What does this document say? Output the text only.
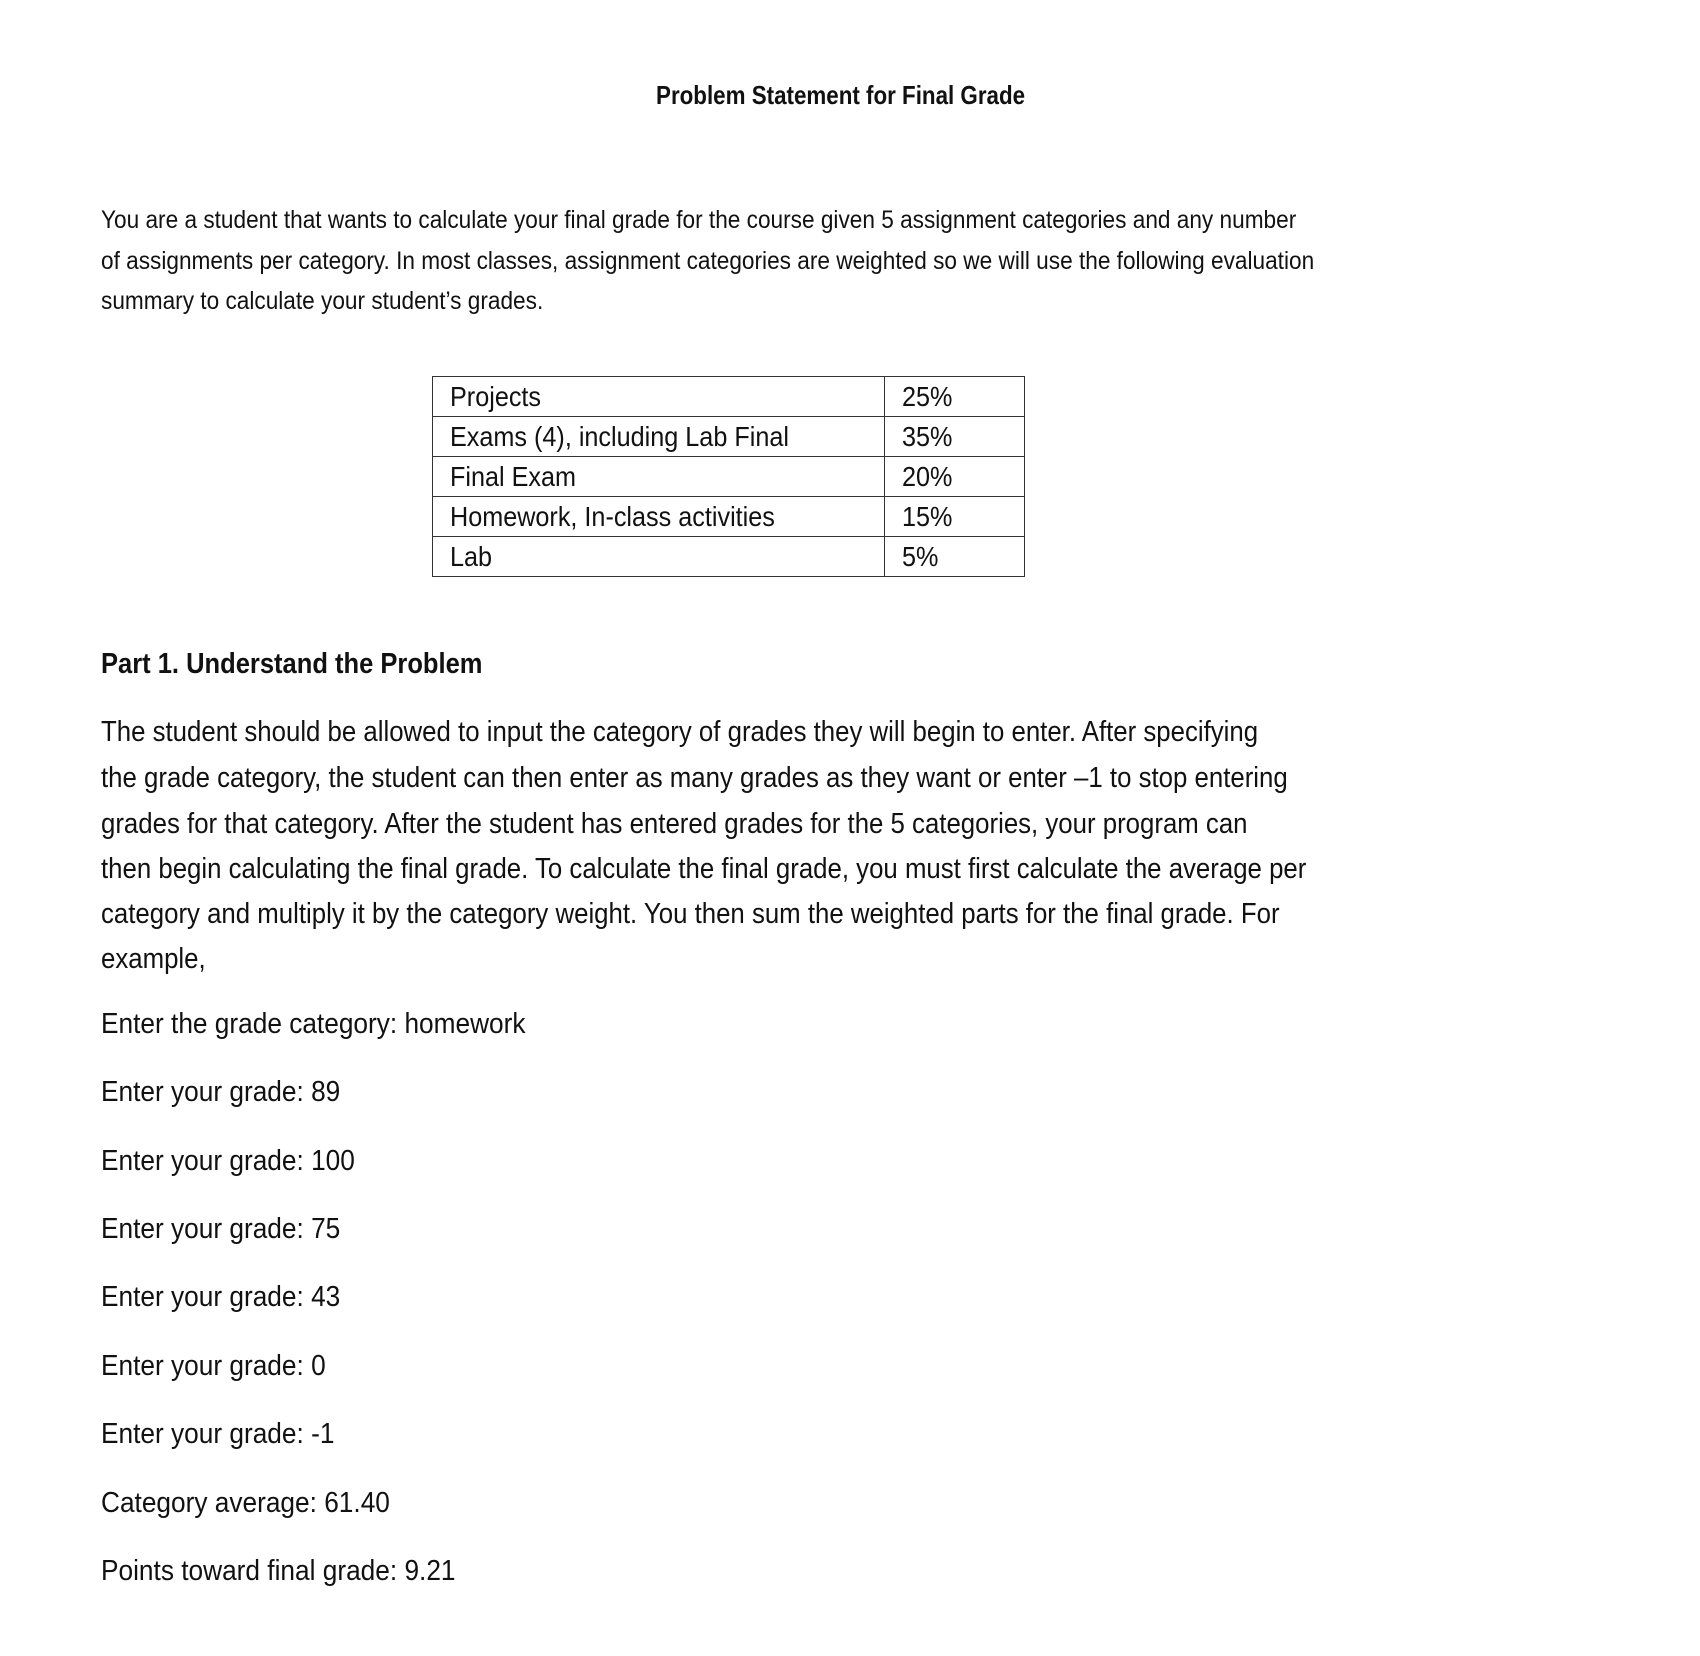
Problem Statement for Final Grade
You are a student that wants to calculate your final grade for the course given 5 assignment categories and any number
of assignments per category. In most classes, assignment categories are weighted so we will use the following evaluation
summary to calculate your student’s grades.
Projects	25%
Exams (4), including Lab Final	35%
Final Exam	20%
Homework, In-class activities	15%
Lab	5%
Part 1. Understand the Problem
The student should be allowed to input the category of grades they will begin to enter. After specifying
the grade category, the student can then enter as many grades as they want or enter –1 to stop entering
grades for that category. After the student has entered grades for the 5 categories, your program can
then begin calculating the final grade. To calculate the final grade, you must first calculate the average per
category and multiply it by the category weight. You then sum the weighted parts for the final grade. For
example,
Enter the grade category: homework
Enter your grade: 89
Enter your grade: 100
Enter your grade: 75
Enter your grade: 43
Enter your grade: 0
Enter your grade: -1
Category average: 61.40
Points toward final grade: 9.21
